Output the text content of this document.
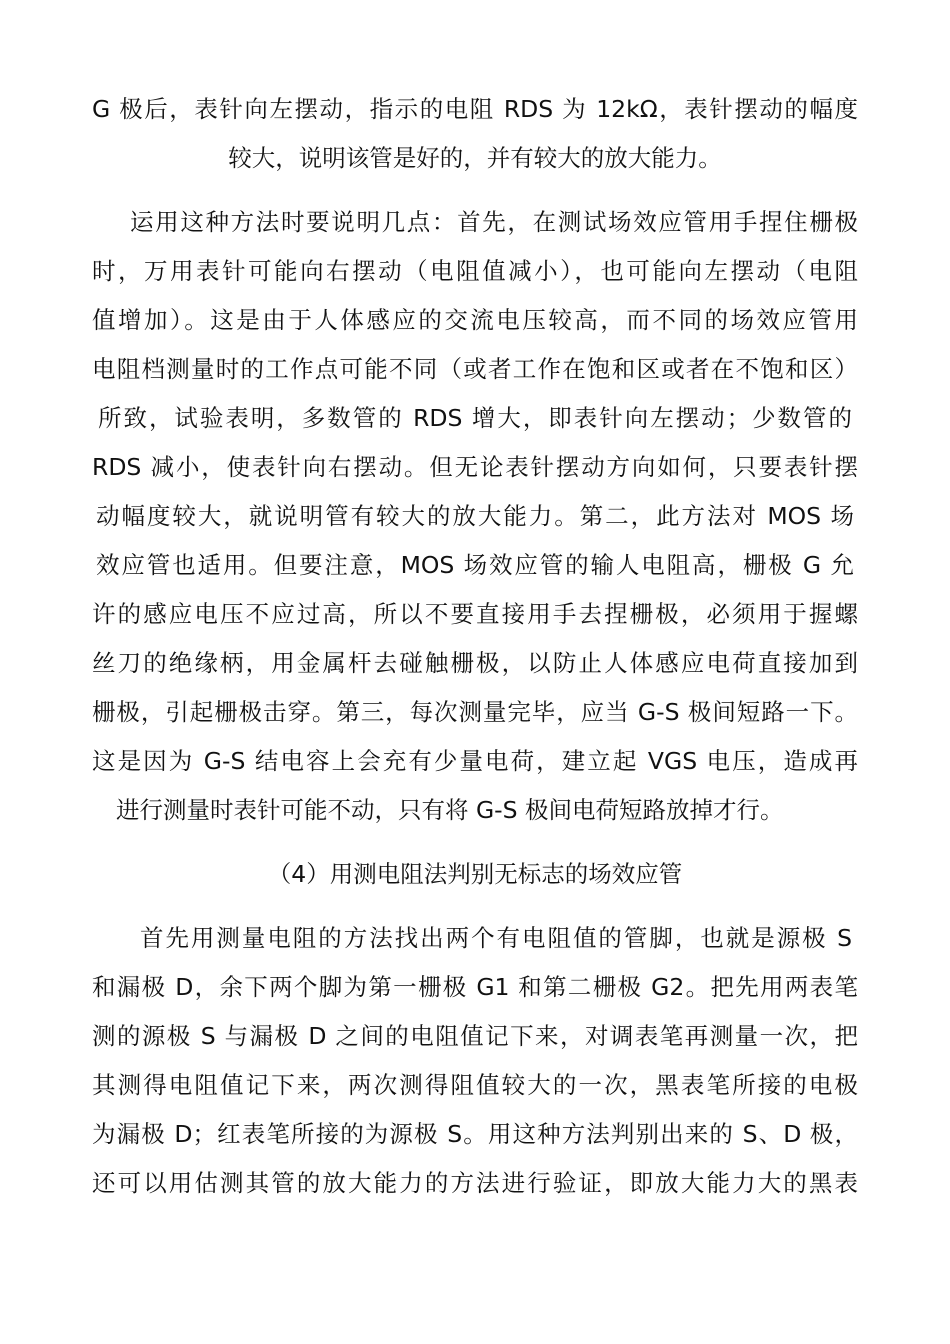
G 极后，表针向左摆动，指示的电阻 RDS 为 12kΩ，表针摆动的幅度
较大，说明该管是好的，并有较大的放大能力。
运用这种方法时要说明几点：首先，在测试场效应管用手捏住栅极
时，万用表针可能向右摆动（电阻值减小），也可能向左摆动（电阻
值增加）。这是由于人体感应的交流电压较高，而不同的场效应管用
电阻档测量时的工作点可能不同（或者工作在饱和区或者在不饱和区）
所致，试验表明，多数管的 RDS 增大，即表针向左摆动；少数管的
RDS 减小，使表针向右摆动。但无论表针摆动方向如何，只要表针摆
动幅度较大，就说明管有较大的放大能力。第二，此方法对 MOS 场
效应管也适用。但要注意，MOS 场效应管的输人电阻高，栅极 G 允
许的感应电压不应过高，所以不要直接用手去捏栅极，必须用于握螺
丝刀的绝缘柄，用金属杆去碰触栅极，以防止人体感应电荷直接加到
栅极，引起栅极击穿。第三，每次测量完毕，应当 G-S 极间短路一下。
这是因为 G-S 结电容上会充有少量电荷，建立起 VGS 电压，造成再
进行测量时表针可能不动，只有将 G-S 极间电荷短路放掉才行。
（4）用测电阻法判别无标志的场效应管
首先用测量电阻的方法找出两个有电阻值的管脚，也就是源极 S
和漏极 D，余下两个脚为第一栅极 G1 和第二栅极 G2。把先用两表笔
测的源极 S 与漏极 D 之间的电阻值记下来，对调表笔再测量一次，把
其测得电阻值记下来，两次测得阻值较大的一次，黑表笔所接的电极
为漏极 D；红表笔所接的为源极 S。用这种方法判别出来的 S、D 极，
还可以用估测其管的放大能力的方法进行验证，即放大能力大的黑表
